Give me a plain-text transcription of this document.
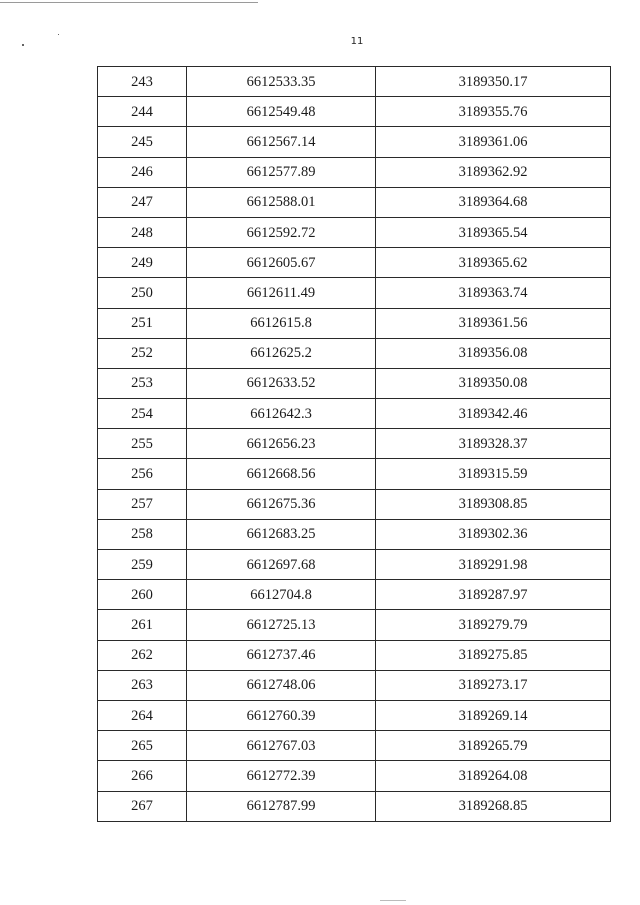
11
243	6612533.35	3189350.17
244	6612549.48	3189355.76
245	6612567.14	3189361.06
246	6612577.89	3189362.92
247	6612588.01	3189364.68
248	6612592.72	3189365.54
249	6612605.67	3189365.62
250	6612611.49	3189363.74
251	6612615.8	3189361.56
252	6612625.2	3189356.08
253	6612633.52	3189350.08
254	6612642.3	3189342.46
255	6612656.23	3189328.37
256	6612668.56	3189315.59
257	6612675.36	3189308.85
258	6612683.25	3189302.36
259	6612697.68	3189291.98
260	6612704.8	3189287.97
261	6612725.13	3189279.79
262	6612737.46	3189275.85
263	6612748.06	3189273.17
264	6612760.39	3189269.14
265	6612767.03	3189265.79
266	6612772.39	3189264.08
267	6612787.99	3189268.85
